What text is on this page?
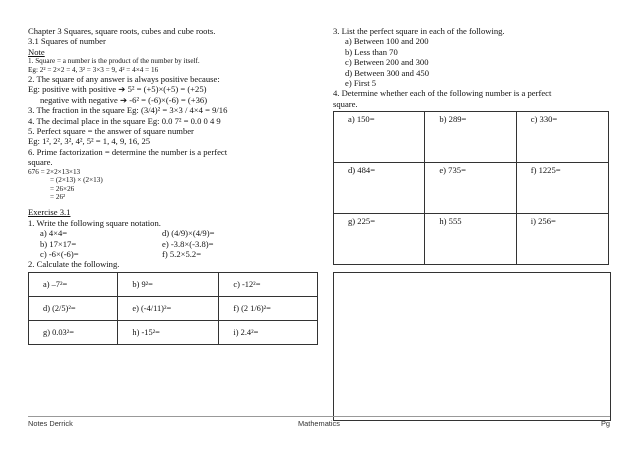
Chapter 3 Squares, square roots, cubes and cube roots.
3.1 Squares of number
Note
1. Square = a number is the product of the number by itself.
Eg: 2² = 2×2 = 4, 3² = 3×3 = 9, 4² = 4×4 = 16
2. The square of any answer is always positive because:
Eg: positive with positive ➔ 5² = (+5)×(+5) = (+25)
negative with negative ➔ -6² = (-6)×(-6) = (+36)
3. The fraction in the square Eg: (3/4)² = 3×3 / 4×4 = 9/16
4. The decimal place in the square Eg: 0.0 7² = 0.0 0 4 9
5. Perfect square = the answer of square number
Eg: 1², 2², 3², 4², 5² = 1, 4, 9, 16, 25
6. Prime factorization = determine the number is a perfect
square.
676 = 2×2×13×13
= (2×13) × (2×13)
= 26×26
= 26²
Exercise 3.1
1. Write the following square notation.
a) 4×4=	d) (4/9)×(4/9)=
b) 17×17=	e) -3.8×(-3.8)=
c) -6×(-6)=	f) 5.2×5.2=
2. Calculate the following.
a) –7²=	b) 9²=	c) -12²=
d) (2/5)²=	e) (-4/11)²=	f) (2 1/6)²=
g) 0.03²=	h) -15²=	i) 2.4²=
3. List the perfect square in each of the following.
a) Between 100 and 200
b) Less than 70
c) Between 200 and 300
d) Between 300 and 450
e) First 5
4. Determine whether each of the following number is a perfect
square.
a) 150=	b) 289=	c) 330=
d) 484=	e) 735=	f) 1225=
g) 225=	h) 555	i) 256=
Notes Derrick	Mathematics	Pg
